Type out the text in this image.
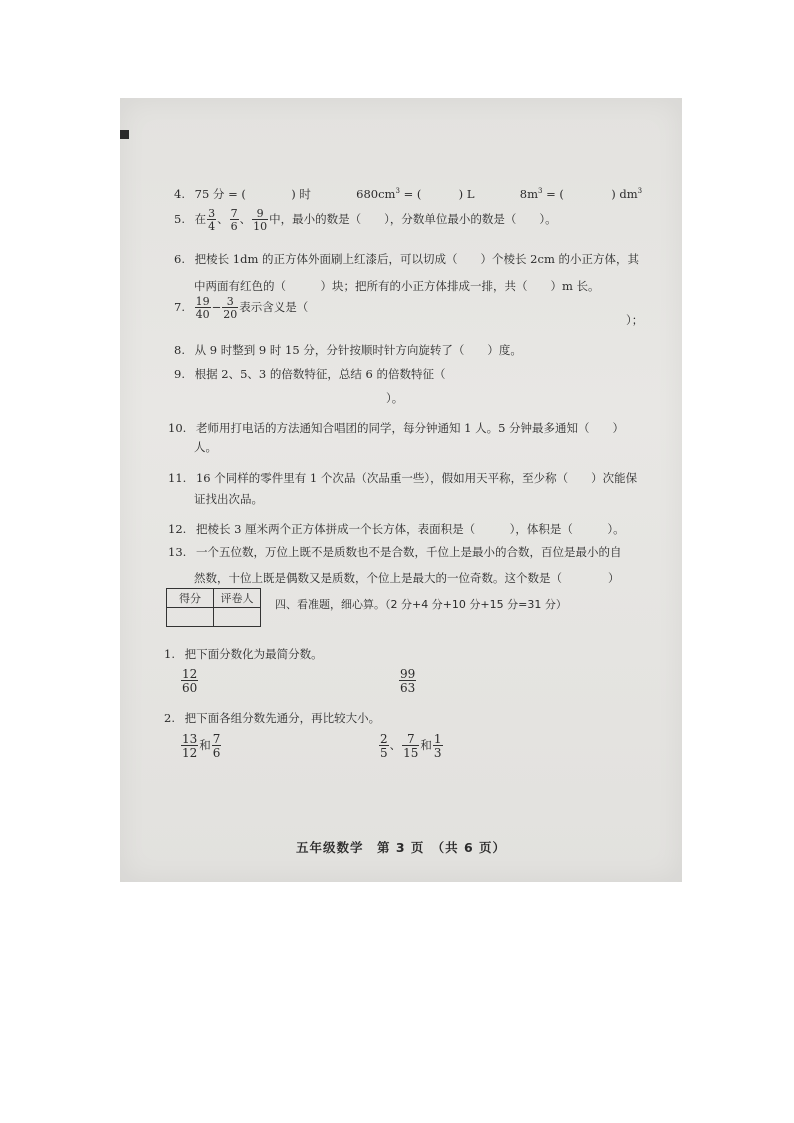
4. 75 分 = (	) 时	$680cm^3$ = (	) L	$8m^3$ = (	) $dm^3$
5. 在 $\frac{3}{4}$ 、 $\frac{7}{6}$ 、 $\frac{9}{10}$ 中，最小的数是（　　），分数单位最小的数是（　　）。
6. 把棱长 1dm 的正方体外面刷上红漆后，可以切成（　　）个棱长 2cm 的小正方体，其
中两面有红色的（　　　）块；把所有的小正方体排成一排，共（　　）m 长。
7. $\frac{19}{40} - \frac{3}{20}$ 表示含义是（
）；
8. 从 9 时整到 9 时 15 分，分针按顺时针方向旋转了（　　）度。
9. 根据 2、5、3 的倍数特征，总结 6 的倍数特征（
）。
10. 老师用打电话的方法通知合唱团的同学，每分钟通知 1 人。5 分钟最多通知（　　）
人。
11. 16 个同样的零件里有 1 个次品（次品重一些），假如用天平称，至少称（　　）次能保
证找出次品。
12. 把棱长 3 厘米两个正方体拼成一个长方体，表面积是（　　　），体积是（　　　）。
13. 一个五位数，万位上既不是质数也不是合数，千位上是最小的合数，百位是最小的自
然数，十位上既是偶数又是质数，个位上是最大的一位奇数。这个数是（　　　　）
得分	评卷人
	四、看准题，细心算。（2 分+4 分+10 分+15 分=31 分）
1. 把下面分数化为最简分数。
$\frac{12}{60}$	$\frac{99}{63}$
2. 把下面各组分数先通分，再比较大小。
$\frac{13}{12}$ 和 $\frac{7}{6}$	$\frac{2}{5}$ 、 $\frac{7}{15}$ 和 $\frac{1}{3}$
五年级数学　第 3 页　（共 6 页）
